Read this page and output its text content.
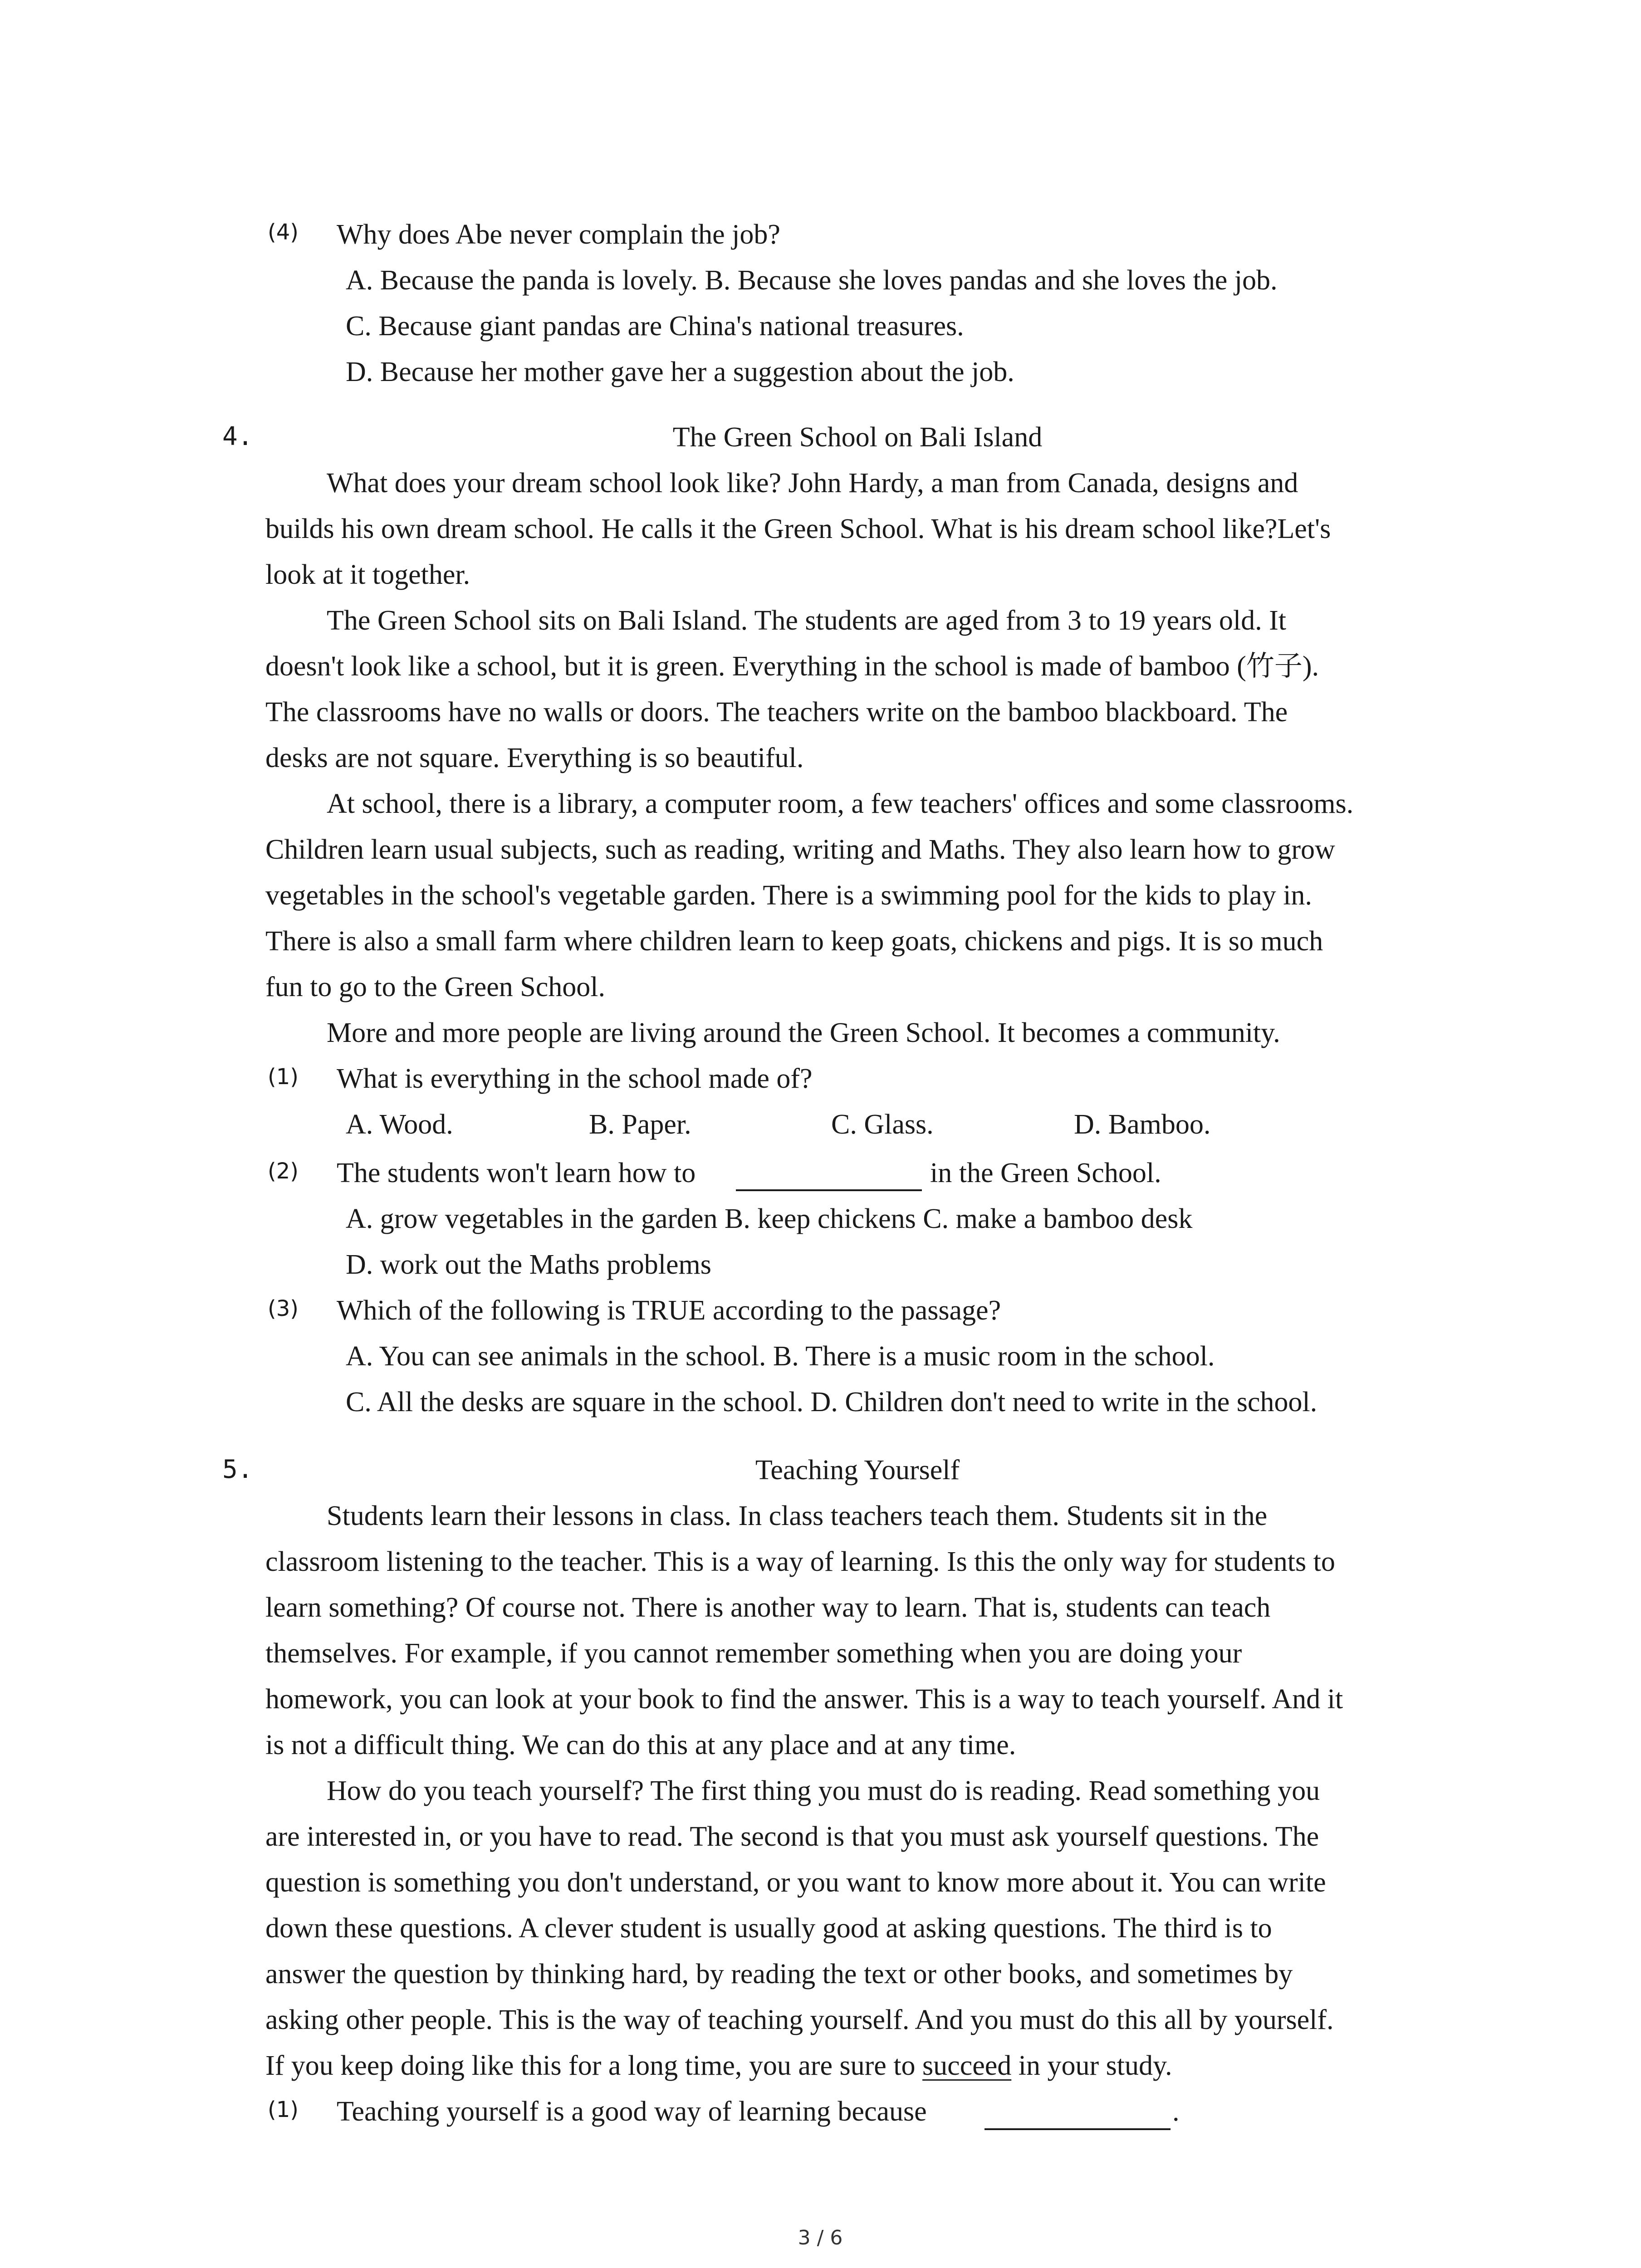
(4) Why does Abe never complain the job?
A. Because the panda is lovely. B. Because she loves pandas and she loves the job.
C. Because giant pandas are China's national treasures.
D. Because her mother gave her a suggestion about the job.
4.	The Green School on Bali Island
What does your dream school look like? John Hardy, a man from Canada, designs and
builds his own dream school. He calls it the Green School. What is his dream school like?Let's
look at it together.
The Green School sits on Bali Island. The students are aged from 3 to 19 years old. It
doesn't look like a school, but it is green. Everything in the school is made of bamboo (竹子).
The classrooms have no walls or doors. The teachers write on the bamboo blackboard. The
desks are not square. Everything is so beautiful.
At school, there is a library, a computer room, a few teachers' offices and some classrooms.
Children learn usual subjects, such as reading, writing and Maths. They also learn how to grow
vegetables in the school's vegetable garden. There is a swimming pool for the kids to play in.
There is also a small farm where children learn to keep goats, chickens and pigs. It is so much
fun to go to the Green School.
More and more people are living around the Green School. It becomes a community.
(1) What is everything in the school made of?
A. Wood.	B. Paper.	C. Glass.	D. Bamboo.
(2) The students won't learn how to	in the Green School.
A. grow vegetables in the garden B. keep chickens C. make a bamboo desk
D. work out the Maths problems
(3) Which of the following is TRUE according to the passage?
A. You can see animals in the school. B. There is a music room in the school.
C. All the desks are square in the school. D. Children don't need to write in the school.
5.	Teaching Yourself
Students learn their lessons in class. In class teachers teach them. Students sit in the
classroom listening to the teacher. This is a way of learning. Is this the only way for students to
learn something? Of course not. There is another way to learn. That is, students can teach
themselves. For example, if you cannot remember something when you are doing your
homework, you can look at your book to find the answer. This is a way to teach yourself. And it
is not a difficult thing. We can do this at any place and at any time.
How do you teach yourself? The first thing you must do is reading. Read something you
are interested in, or you have to read. The second is that you must ask yourself questions. The
question is something you don't understand, or you want to know more about it. You can write
down these questions. A clever student is usually good at asking questions. The third is to
answer the question by thinking hard, by reading the text or other books, and sometimes by
asking other people. This is the way of teaching yourself. And you must do this all by yourself.
If you keep doing like this for a long time, you are sure to succeed in your study.
(1) Teaching yourself is a good way of learning because	.
3 / 6
